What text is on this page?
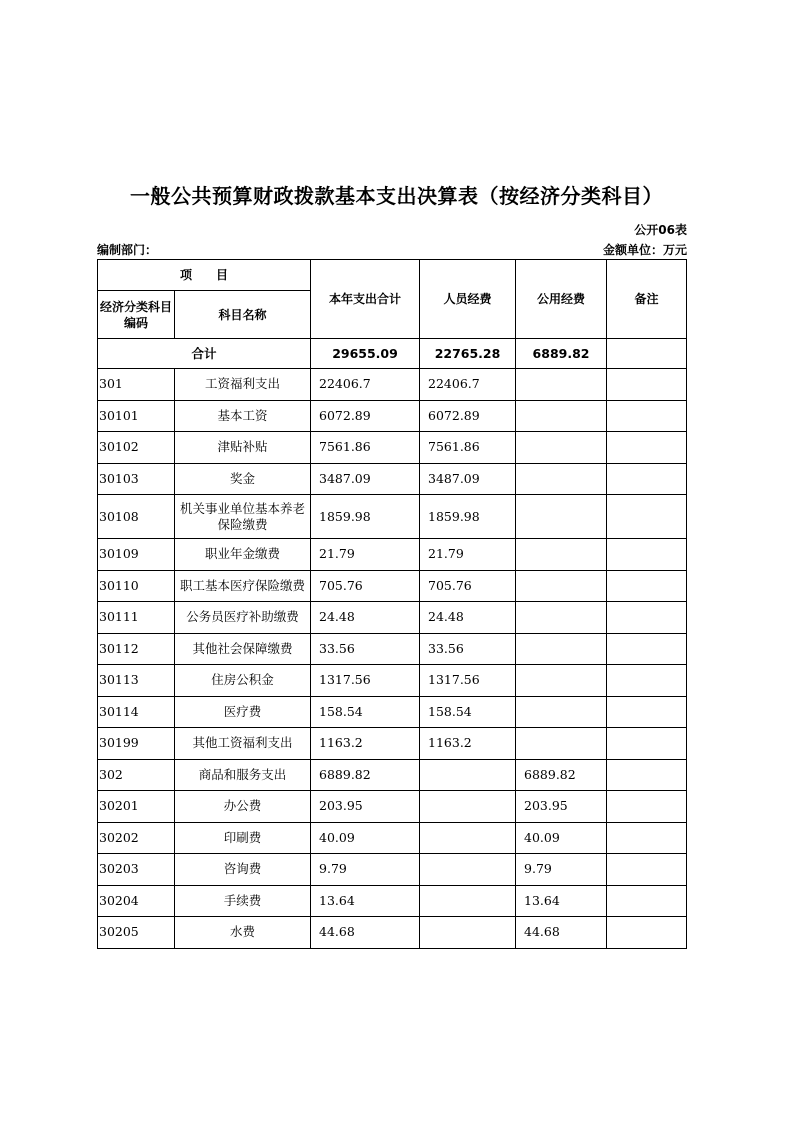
一般公共预算财政拨款基本支出决算表（按经济分类科目）
公开06表
编制部门：	金额单位：万元
项　　目		本年支出合计	人员经费	公用经费	备注
经济分类科目编码	科目名称				
合计		29655.09	22765.28	6889.82	
301	工资福利支出	22406.7	22406.7		
30101	基本工资	6072.89	6072.89		
30102	津贴补贴	7561.86	7561.86		
30103	奖金	3487.09	3487.09		
30108	机关事业单位基本养老保险缴费	1859.98	1859.98		
30109	职业年金缴费	21.79	21.79		
30110	职工基本医疗保险缴费	705.76	705.76		
30111	公务员医疗补助缴费	24.48	24.48		
30112	其他社会保障缴费	33.56	33.56		
30113	住房公积金	1317.56	1317.56		
30114	医疗费	158.54	158.54		
30199	其他工资福利支出	1163.2	1163.2		
302	商品和服务支出	6889.82		6889.82	
30201	办公费	203.95		203.95	
30202	印刷费	40.09		40.09	
30203	咨询费	9.79		9.79	
30204	手续费	13.64		13.64	
30205	水费	44.68		44.68	
